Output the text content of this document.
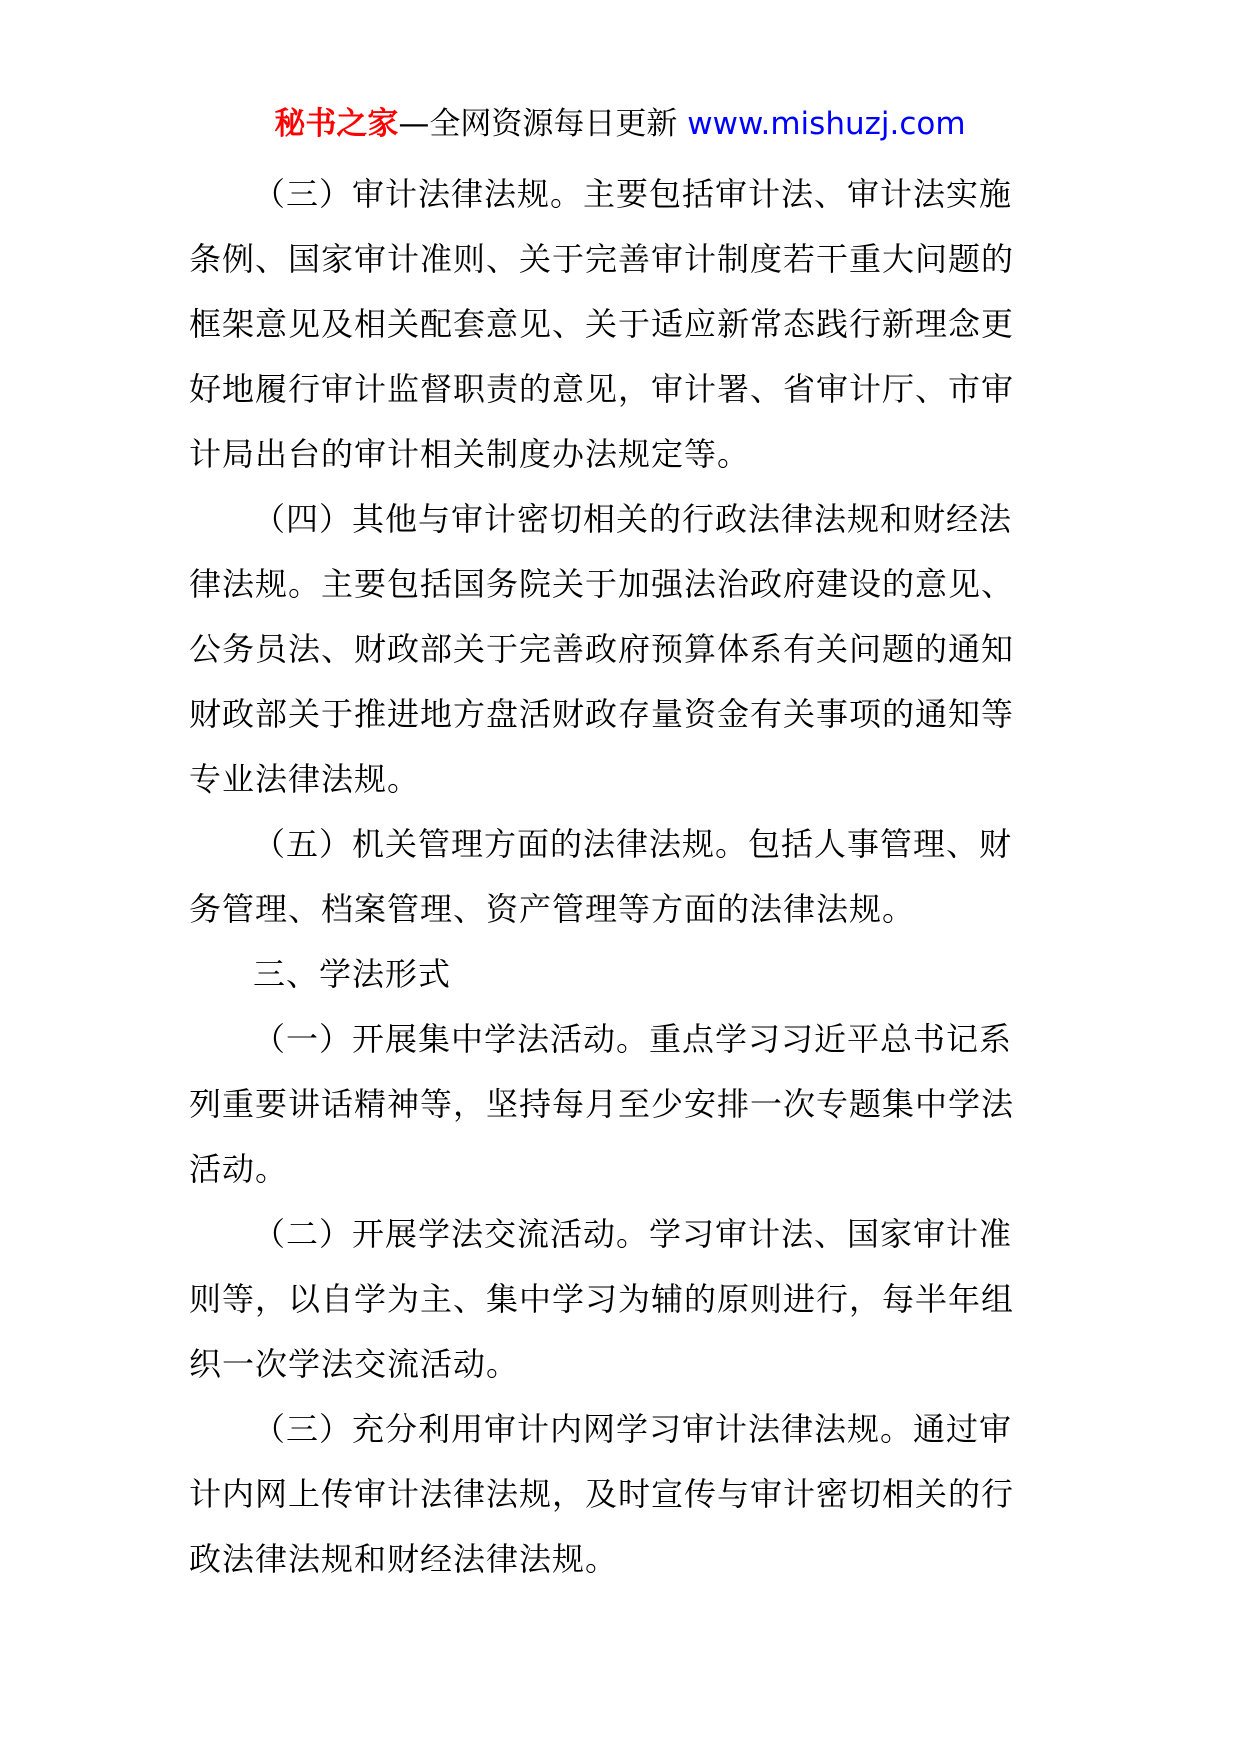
秘书之家—全网资源每日更新 www.mishuzj.com
（三）审计法律法规。主要包括审计法、审计法实施
条例、国家审计准则、关于完善审计制度若干重大问题的
框架意见及相关配套意见、关于适应新常态践行新理念更
好地履行审计监督职责的意见，审计署、省审计厅、市审
计局出台的审计相关制度办法规定等。
（四）其他与审计密切相关的行政法律法规和财经法
律法规。主要包括国务院关于加强法治政府建设的意见、
公务员法、财政部关于完善政府预算体系有关问题的通知
财政部关于推进地方盘活财政存量资金有关事项的通知等
专业法律法规。
（五）机关管理方面的法律法规。包括人事管理、财
务管理、档案管理、资产管理等方面的法律法规。
三、学法形式
（一）开展集中学法活动。重点学习习近平总书记系
列重要讲话精神等，坚持每月至少安排一次专题集中学法
活动。
（二）开展学法交流活动。学习审计法、国家审计准
则等，以自学为主、集中学习为辅的原则进行，每半年组
织一次学法交流活动。
（三）充分利用审计内网学习审计法律法规。通过审
计内网上传审计法律法规，及时宣传与审计密切相关的行
政法律法规和财经法律法规。
